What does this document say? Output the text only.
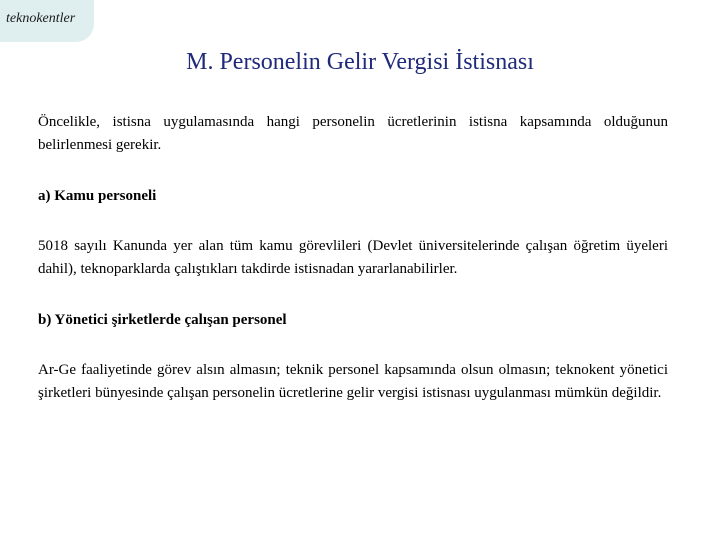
teknokentler
M. Personelin Gelir Vergisi İstisnası

Öncelikle, istisna uygulamasında hangi personelin ücretlerinin istisna kapsamında olduğunun belirlenmesi gerekir.

a) Kamu personeli

5018 sayılı Kanunda yer alan tüm kamu görevlileri (Devlet üniversitelerinde çalışan öğretim üyeleri dahil), teknoparklarda çalıştıkları takdirde istisnadan yararlanabilirler.

b) Yönetici şirketlerde çalışan personel

Ar-Ge faaliyetinde görev alsın almasın; teknik personel kapsamında olsun olmasın; teknokent yönetici şirketleri bünyesinde çalışan personelin ücretlerine gelir vergisi istisnası uygulanması mümkün değildir.
